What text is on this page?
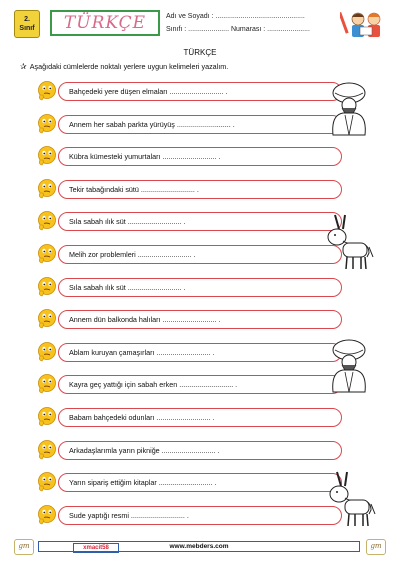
2.
Sınıf	TÜRKÇE	Adı ve Soyadı : ..............................................
Sınıfı : ..................... Numarası : ......................
TÜRKÇE
✰ Aşağıdaki cümlelerde noktalı yerlere uygun kelimeleri yazalım.
Bahçedeki yere düşen elmaları ........................... .
Annem her sabah parkta yürüyüş ........................... .
Kübra kümesteki yumurtaları ........................... .
Tekir tabağındaki sütü ........................... .
Sıla sabah ılık süt ........................... .
Melih zor problemleri ........................... .
Sıla sabah ılık süt ........................... .
Annem dün balkonda halıları ........................... .
Ablam kuruyan çamaşırları ........................... .
Kayra geç yattığı için sabah erken ........................... .
Babam bahçedeki odunları ........................... .
Arkadaşlarımla yarın pikniğe ........................... .
Yarın sipariş ettiğim kitaplar ........................... .
Sude yaptığı resmi ........................... .
gm	xmacit58	www.mebders.com	gm
